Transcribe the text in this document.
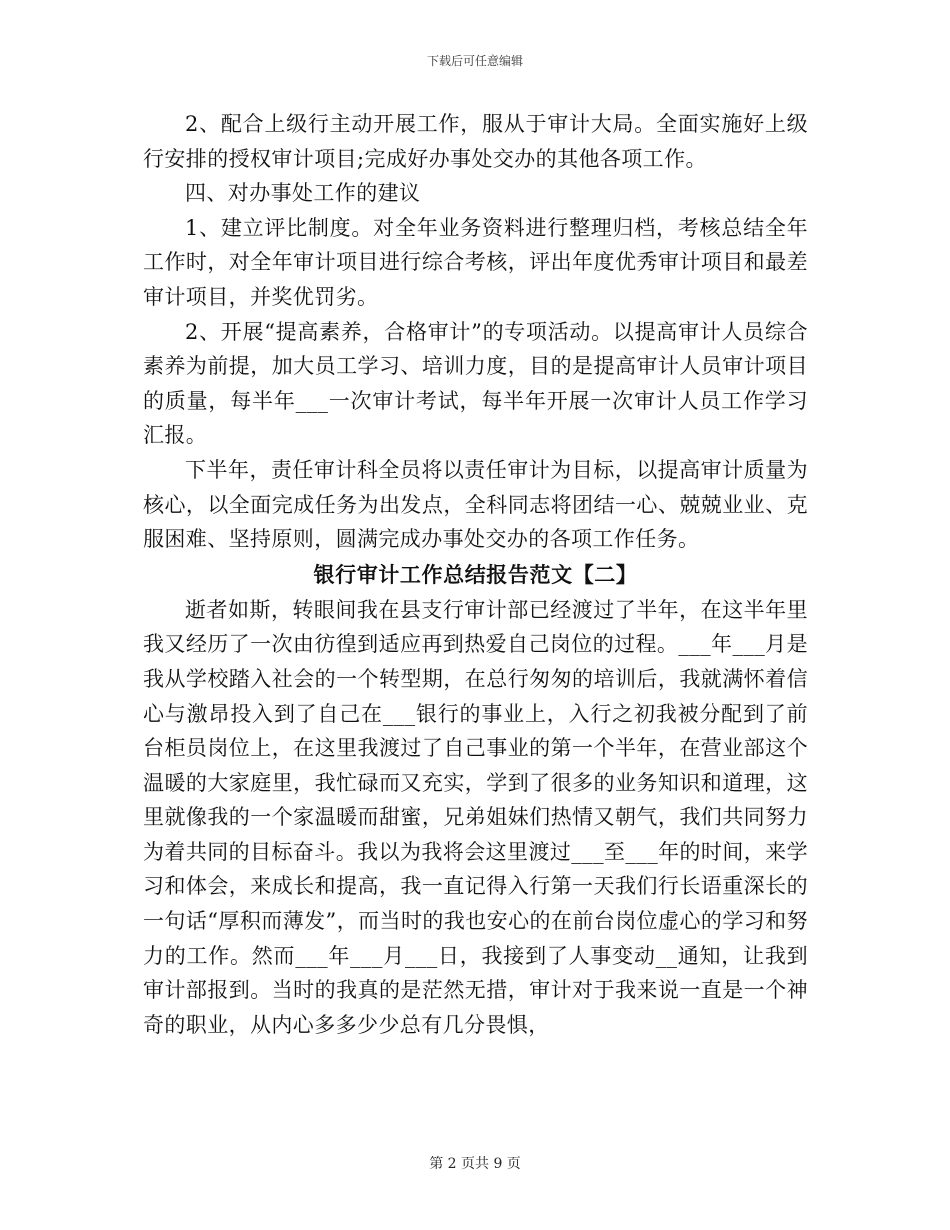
下载后可任意编辑

2、配合上级行主动开展工作，服从于审计大局。全面实施好上级行安排的授权审计项目;完成好办事处交办的其他各项工作。

四、对办事处工作的建议

1、建立评比制度。对全年业务资料进行整理归档，考核总结全年工作时，对全年审计项目进行综合考核，评出年度优秀审计项目和最差审计项目，并奖优罚劣。

2、开展“提高素养，合格审计”的专项活动。以提高审计人员综合素养为前提，加大员工学习、培训力度，目的是提高审计人员审计项目的质量，每半年___一次审计考试，每半年开展一次审计人员工作学习汇报。

下半年，责任审计科全员将以责任审计为目标，以提高审计质量为核心，以全面完成任务为出发点，全科同志将团结一心、兢兢业业、克服困难、坚持原则，圆满完成办事处交办的各项工作任务。

银行审计工作总结报告范文【二】

逝者如斯，转眼间我在县支行审计部已经渡过了半年，在这半年里我又经历了一次由彷徨到适应再到热爱自己岗位的过程。___年___月是我从学校踏入社会的一个转型期，在总行匆匆的培训后，我就满怀着信心与激昂投入到了自己在___银行的事业上，入行之初我被分配到了前台柜员岗位上，在这里我渡过了自己事业的第一个半年，在营业部这个温暖的大家庭里，我忙碌而又充实，学到了很多的业务知识和道理，这里就像我的一个家温暖而甜蜜，兄弟姐妹们热情又朝气，我们共同努力为着共同的目标奋斗。我以为我将会这里渡过___至___年的时间，来学习和体会，来成长和提高，我一直记得入行第一天我们行长语重深长的一句话“厚积而薄发”，而当时的我也安心的在前台岗位虚心的学习和努力的工作。然而___年___月___日，我接到了人事变动__通知，让我到审计部报到。当时的我真的是茫然无措，审计对于我来说一直是一个神奇的职业，从内心多多少少总有几分畏惧，

第 2 页共 9 页
